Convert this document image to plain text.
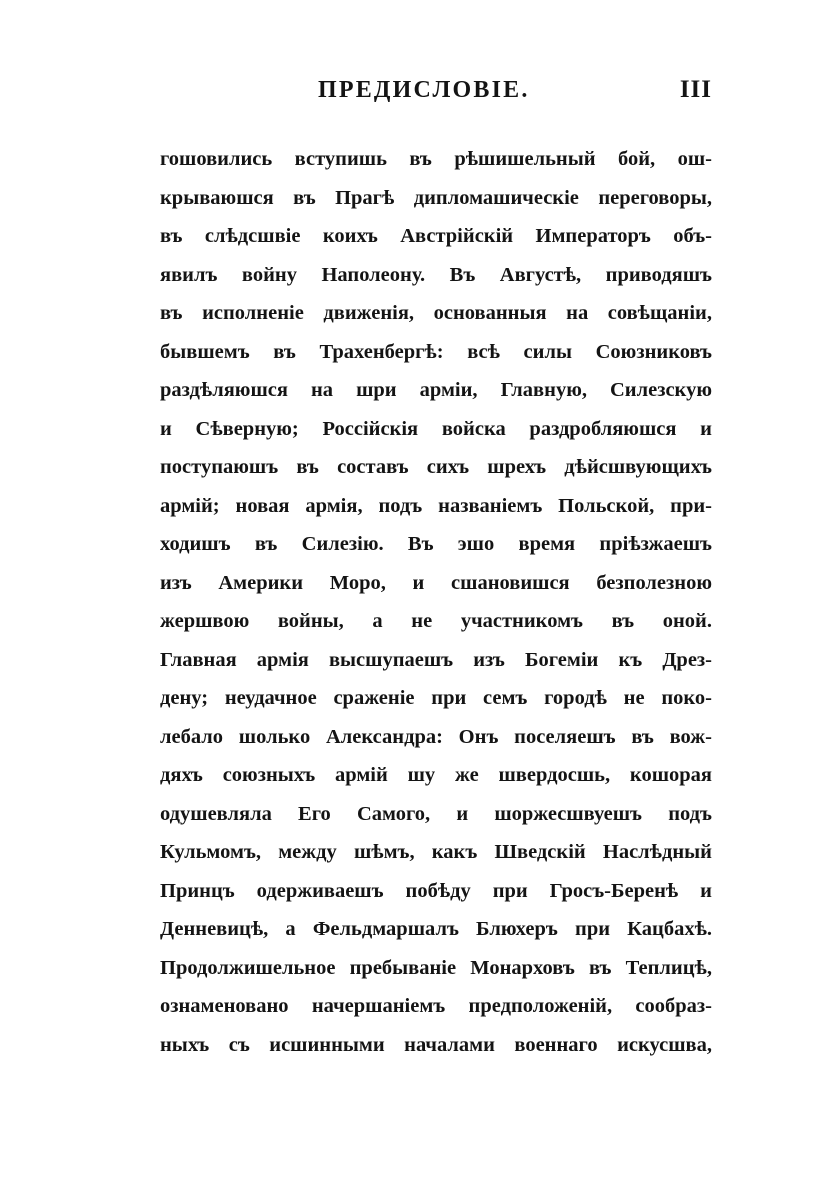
ПРЕДИСЛОВІЕ.	III
гошовились вступишь въ рѣшишельный бой, ош-
крываюшся въ Прагѣ дипломашическіе переговоры,
въ слѣдсшвіе коихъ Австрійскій Императоръ объ-
явилъ войну Наполеону. Въ Августѣ, приводяшъ
въ исполненіе движенія, основанныя на совѣщаніи,
бывшемъ въ Трахенбергѣ: всѣ силы Союзниковъ
раздѣляюшся на шри арміи, Главную, Силезскую
и Сѣверную; Россійскія войска раздробляюшся и
поступаюшъ въ составъ сихъ шрехъ дѣйсшвующихъ
армій; новая армія, подъ названіемъ Польской, при-
ходишъ въ Силезію. Въ эшо время пріѣзжаешъ
изъ Америки Моро, и сшановишся безполезною
жершвою войны, а не участникомъ въ оной.
Главная армія высшупаешъ изъ Богеміи къ Дрез-
дену; неудачное сраженіе при семъ городѣ не поко-
лебало шолько Александра: Онъ поселяешъ въ вож-
дяхъ союзныхъ армій шу же швердосшь, кошорая
одушевляла Его Самого, и шоржесшвуешъ подъ
Кульмомъ, между шѣмъ, какъ Шведскій Наслѣдный
Принцъ одерживаешъ побѣду при Гросъ-Беренѣ и
Денневицѣ, а Фельдмаршалъ Блюхеръ при Кацбахѣ.
Продолжишельное пребываніе Монарховъ въ Теплицѣ,
ознаменовано начершаніемъ предположеній, сообраз-
ныхъ съ исшинными началами военнаго искусшва,
